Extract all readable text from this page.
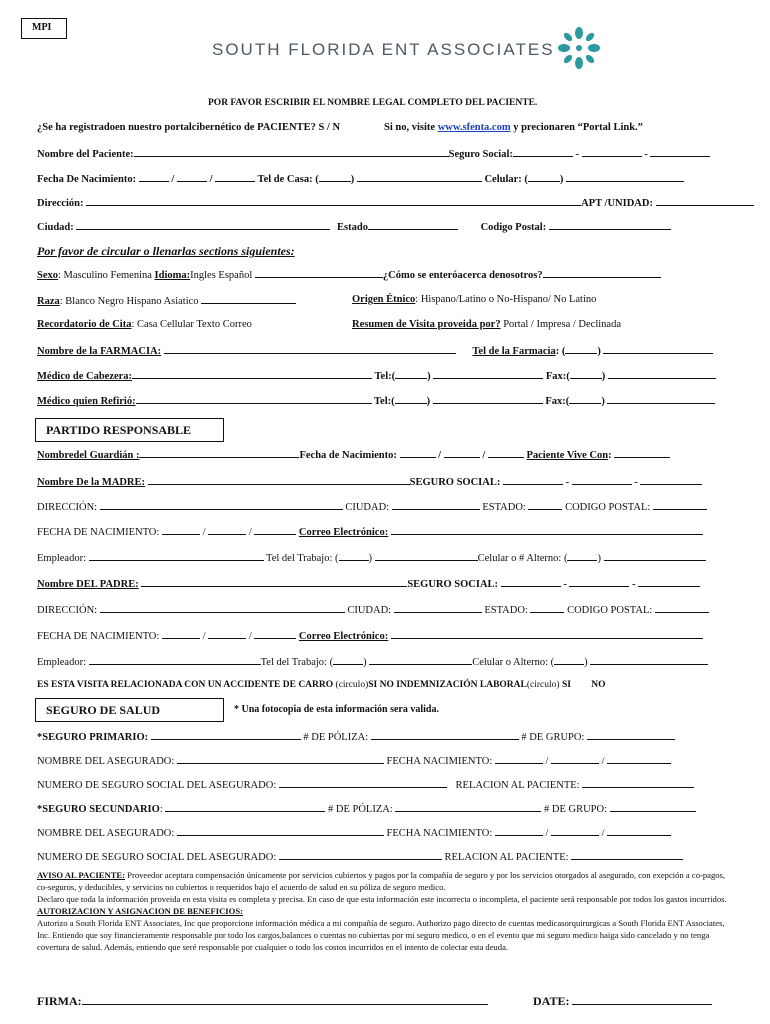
MPI
SOUTH FLORIDA ENT ASSOCIATES
POR FAVOR ESCRIBIR EL NOMBRE LEGAL COMPLETO DEL PACIENTE.
¿Se ha registradoen nuestro portalcibernético de PACIENTE? S / N	Si no, visite www.sfenta.com y precionaren “Portal Link.”
Nombre del Paciente:	Seguro Social:	-	-
Fecha De Nacimiento:	/	/	Tel de Casa: (	)	Celular: (	)
Dirección:	APT /UNIDAD:
Ciudad:	Estado	Codigo Postal:
Por favor de circular o llenarlas sections siguientes:
Sexo: Masculino Femenina Idioma:Ingles Español	¿Cómo se enteróacerca denosotros?
Raza: Blanco Negro Hispano Asiatico	Origen Étnico: Hispano/Latino o No-Hispano/ No Latino
Recordatorio de Cita: Casa Cellular Texto Correo	Resumen de Visita proveida por? Portal / Impresa / Declinada
Nombre de la FARMACIA:	Tel de la Farmacia: (	)
Médico de Cabezera:	Tel:(	)	Fax:(	)
Médico quien Refirió:	Tel:(	)	Fax:(	)
PARTIDO RESPONSABLE
Nombredel Guardián :	Fecha de Nacimiento:	/	/	Paciente Vive Con:
Nombre De la MADRE:	SEGURO SOCIAL:	-	-
DIRECCIÓN:	CIUDAD:	ESTADO:	CODIGO POSTAL:
FECHA DE NACIMIENTO:	/	/	Correo Electrónico:
Empleador:	Tel del Trabajo: (	)	Celular o # Alterno: (	)
Nombre DEL PADRE:	SEGURO SOCIAL:	-	-
DIRECCIÓN:	CIUDAD:	ESTADO:	CODIGO POSTAL:
FECHA DE NACIMIENTO:	/	/	Correo Electrónico:
Empleador:	Tel del Trabajo: (	)	Celular o Alterno: (	)
ES ESTA VISITA RELACIONADA CON UN ACCIDENTE DE CARRO (circulo)SI NO INDEMNIZACIÓN LABORAL(circulo) SI NO
SEGURO DE SALUD	* Una fotocopia de esta información sera valida.
*SEGURO PRIMARIO:	# DE PÓLIZA:	# DE GRUPO:
NOMBRE DEL ASEGURADO:	FECHA NACIMIENTO:	/	/
NUMERO DE SEGURO SOCIAL DEL ASEGURADO:	RELACION AL PACIENTE:
*SEGURO SECUNDARIO:	# DE PÓLIZA:	# DE GRUPO:
NOMBRE DEL ASEGURADO:	FECHA NACIMIENTO:	/	/
NUMERO DE SEGURO SOCIAL DEL ASEGURADO:	RELACION AL PACIENTE:
AVISO AL PACIENTE: Proveedor aceptara compensación únicamente por servicios cubiertos y pagos por la compañía de seguro y por los servicios otorgados al asegurado, con exepción a co-pagos, co-seguros, y deducibles, y servicios no cubiertos o requeridos bajo el acuerdo de salud en su póliza de seguro medico.
Declaro que toda la información proveida en esta visita es completa y precisa. En caso de que esta información este incorrecta o incompleta, el paciente será responsable por todos los gastos incurridos.
AUTORIZACION Y ASIGNACION DE BENEFICIOS:
Autorizo a South Florida ENT Associates, Inc que proporcione información médica a mi compañía de seguro. Authorizo pago directo de cuentas medicasorquirurgicas a South Florida ENT Associates, Inc. Entiendo que soy financieramente responsable por todo los cargos,balances o cuentas no cubiertas por mi seguro medico, o en el evento que mi seguro medico haiga sido cancelado y no tenga covertura de salud. Además, entiendo que seré responsable por cualquier o todo los costos incurridos en el intento de colectar esta deuda.
FIRMA:	DATE:
